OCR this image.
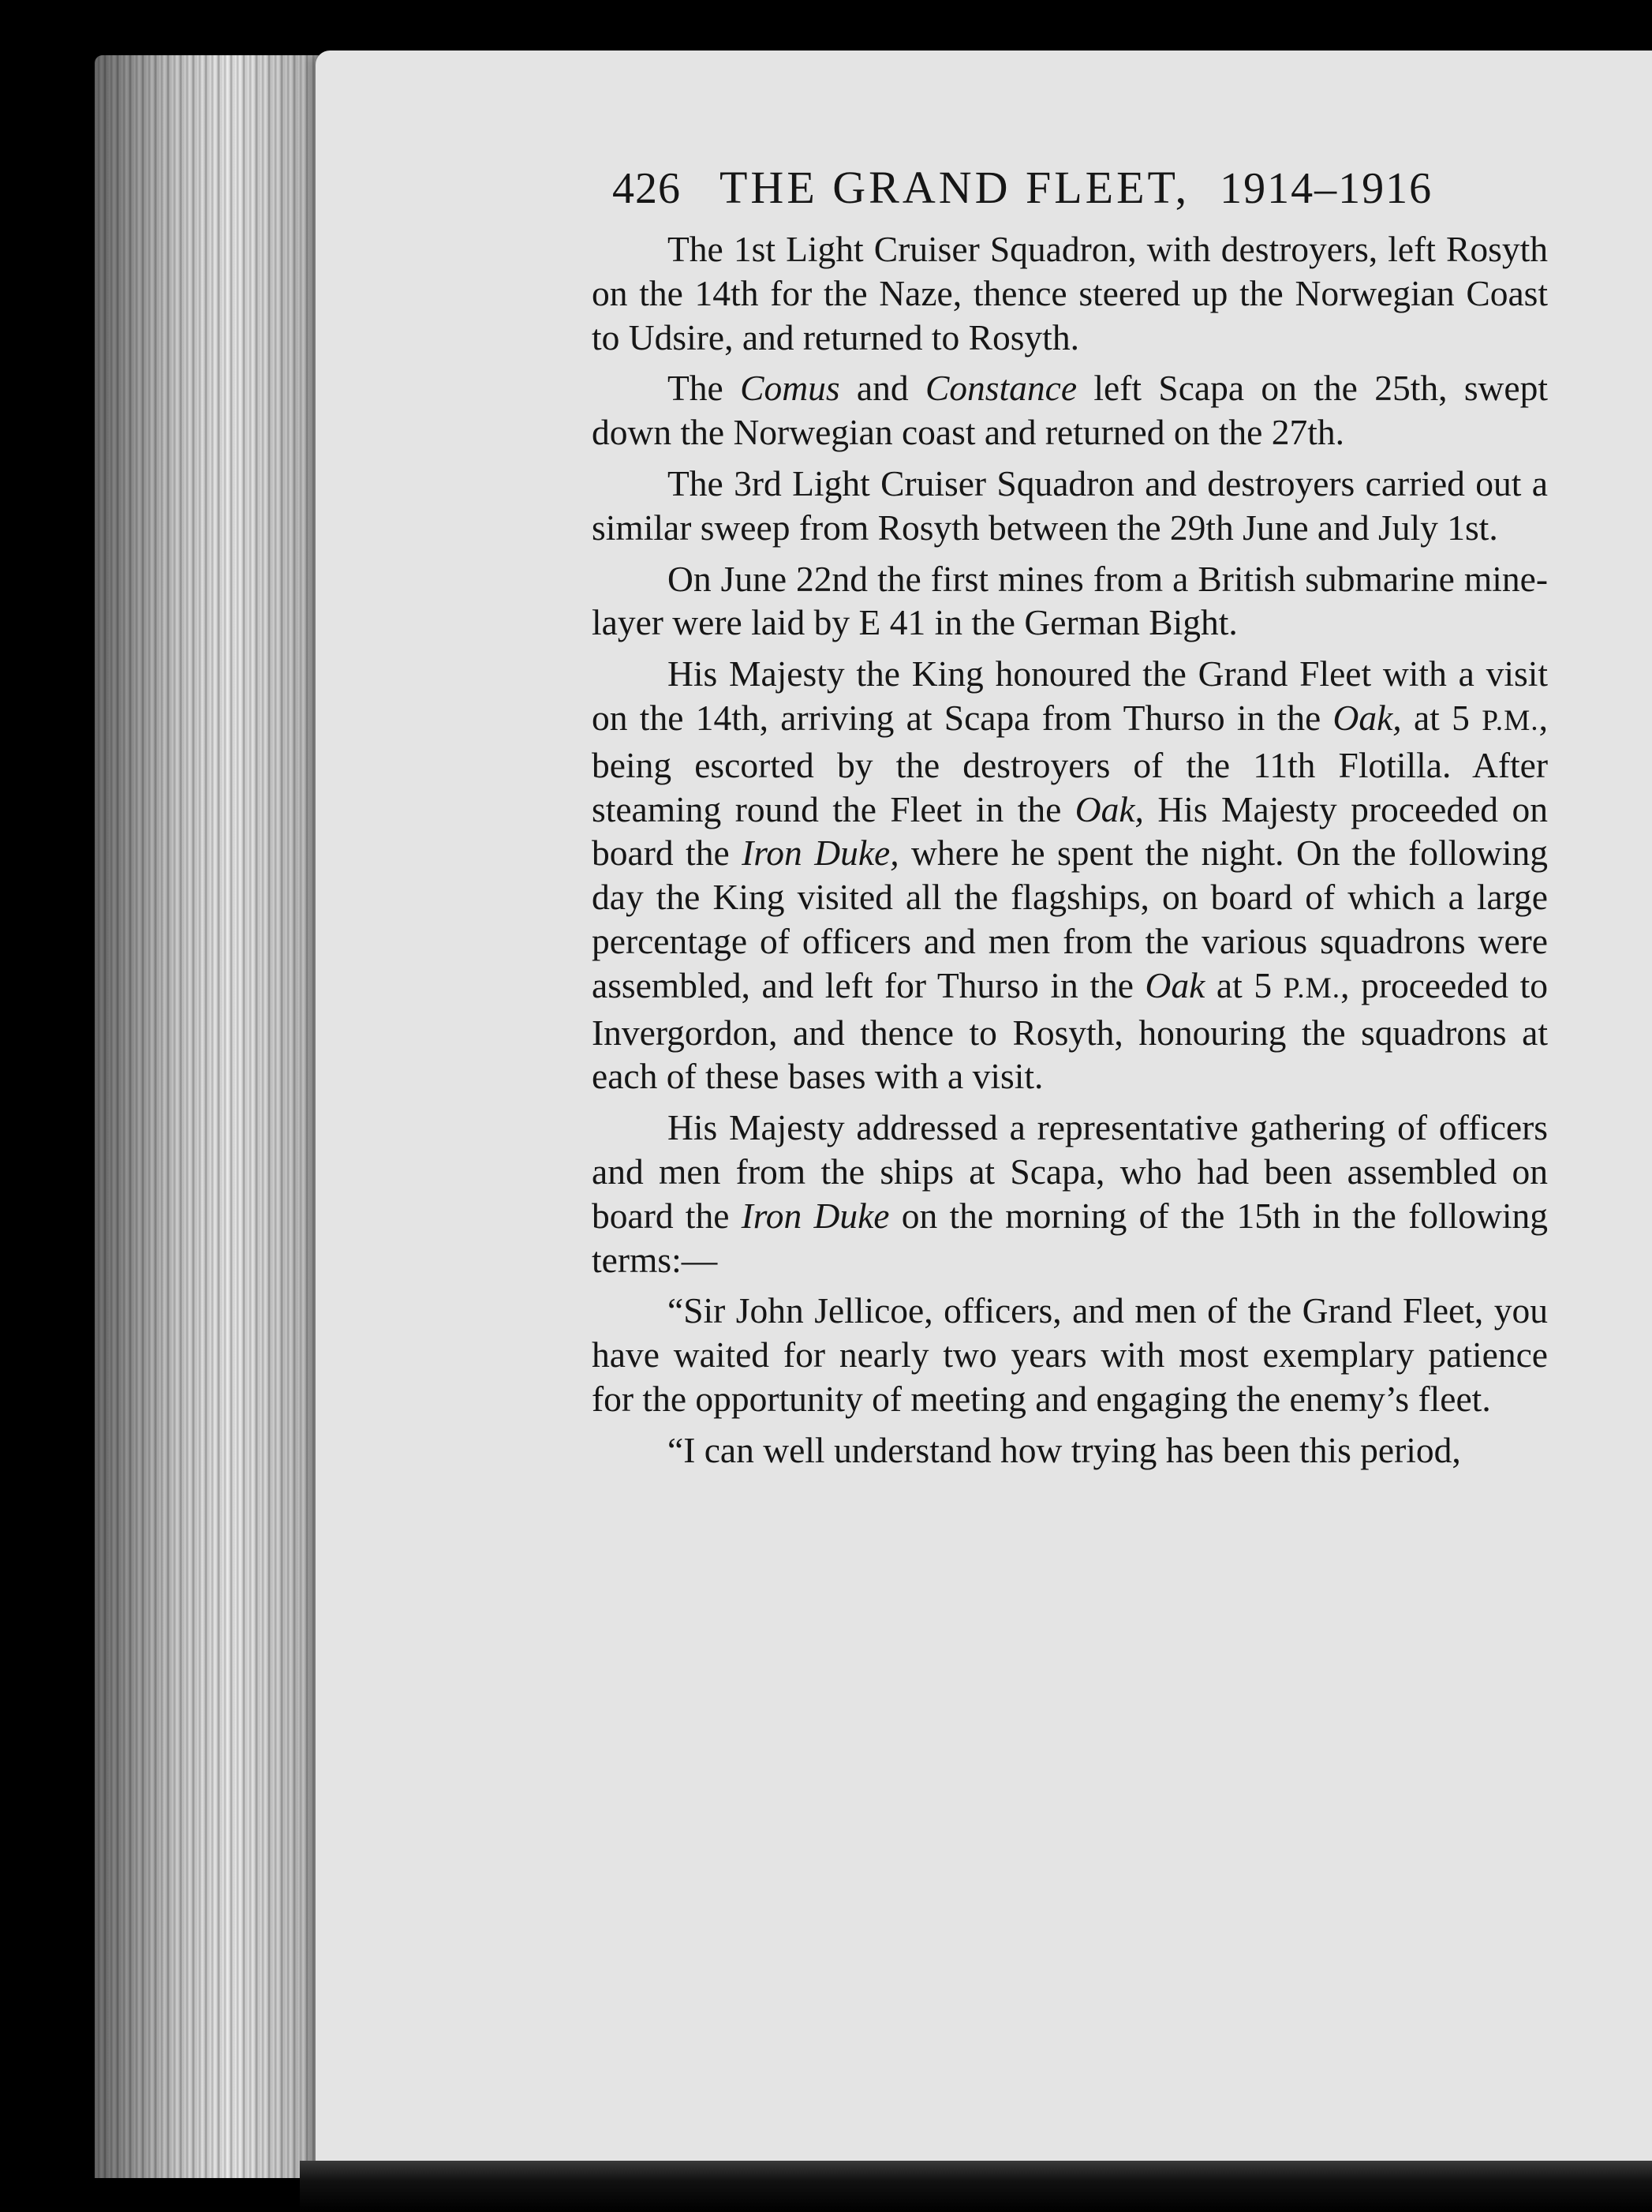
426 THE GRAND FLEET, 1914–1916

The 1st Light Cruiser Squadron, with destroyers, left Rosyth on the 14th for the Naze, thence steered up the Norwegian Coast to Udsire, and returned to Rosyth.

The Comus and Constance left Scapa on the 25th, swept down the Norwegian coast and returned on the 27th.

The 3rd Light Cruiser Squadron and destroyers carried out a similar sweep from Rosyth between the 29th June and July 1st.

On June 22nd the first mines from a British submarine mine-layer were laid by E 41 in the German Bight.

His Majesty the King honoured the Grand Fleet with a visit on the 14th, arriving at Scapa from Thurso in the Oak, at 5 P.M., being escorted by the destroyers of the 11th Flotilla. After steaming round the Fleet in the Oak, His Majesty proceeded on board the Iron Duke, where he spent the night. On the following day the King visited all the flagships, on board of which a large percentage of officers and men from the various squadrons were assembled, and left for Thurso in the Oak at 5 P.M., proceeded to Invergordon, and thence to Rosyth, honouring the squadrons at each of these bases with a visit.

His Majesty addressed a representative gathering of officers and men from the ships at Scapa, who had been assembled on board the Iron Duke on the morning of the 15th in the following terms:—

“Sir John Jellicoe, officers, and men of the Grand Fleet, you have waited for nearly two years with most exemplary patience for the opportunity of meeting and engaging the enemy’s fleet.

“I can well understand how trying has been this period,
